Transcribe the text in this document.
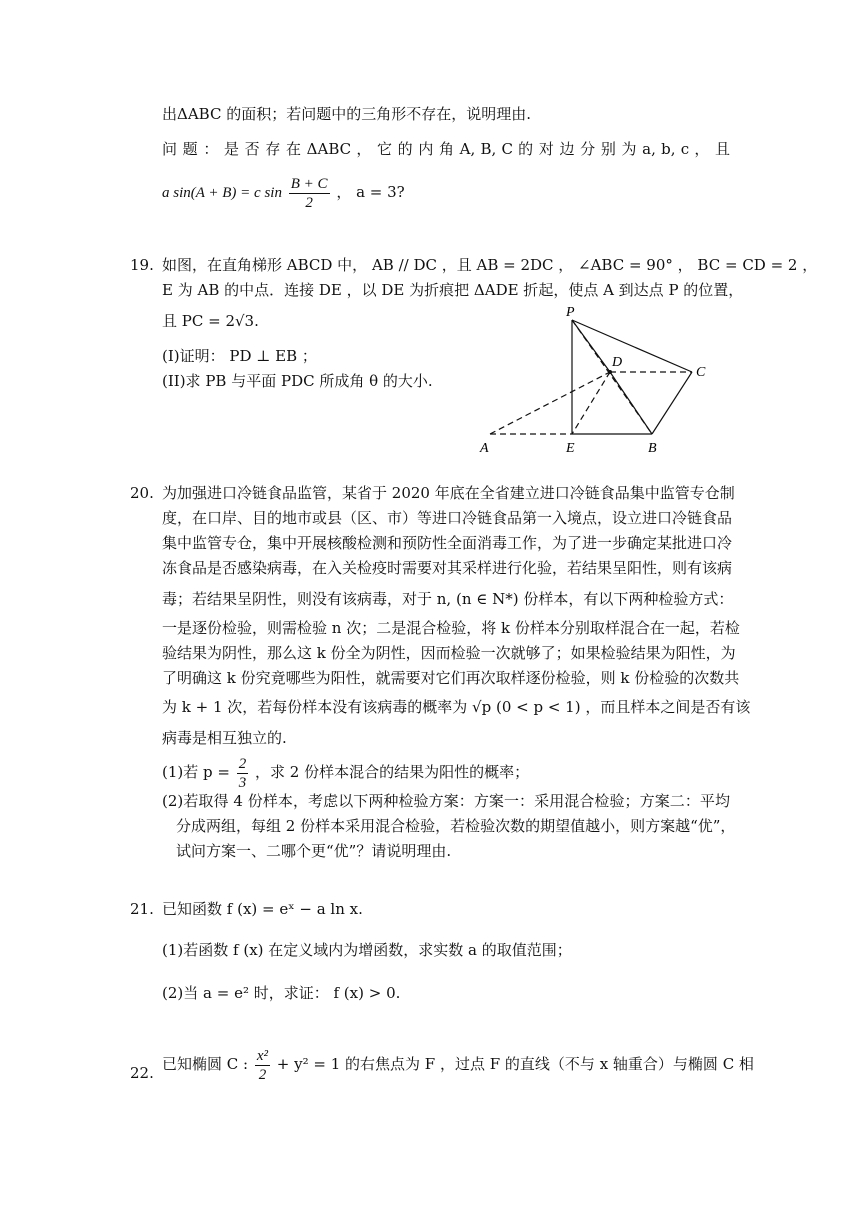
出ΔABC 的面积；若问题中的三角形不存在，说明理由.
问 题 ： 是 否 存 在 ΔABC ， 它 的 内 角 A, B, C 的 对 边 分 别 为 a, b, c ， 且
a sin(A + B) = c $\sin \frac{B + C}{2}$ ， a = 3?
19. 如图，在直角梯形 ABCD 中， AB // DC ，且 AB = 2DC ， ∠ABC = 90° ， BC = CD = 2 ，
E 为 AB 的中点．连接 DE ，以 DE 为折痕把 ΔADE 折起，使点 A 到达点 P 的位置，
且 PC = 2√3.
(I)证明： PD ⊥ EB ；
(II)求 PB 与平面 PDC 所成角 θ 的大小.
P
D
C
A	E	B
20. 为加强进口冷链食品监管，某省于 2020 年底在全省建立进口冷链食品集中监管专仓制
度，在口岸、目的地市或县（区、市）等进口冷链食品第一入境点，设立进口冷链食品
集中监管专仓，集中开展核酸检测和预防性全面消毒工作，为了进一步确定某批进口冷
冻食品是否感染病毒，在入关检疫时需要对其采样进行化验，若结果呈阳性，则有该病
毒；若结果呈阴性，则没有该病毒，对于 n, (n ∈ N*) 份样本，有以下两种检验方式：
一是逐份检验，则需检验 n 次；二是混合检验，将 k 份样本分别取样混合在一起，若检
验结果为阴性，那么这 k 份全为阴性，因而检验一次就够了；如果检验结果为阳性，为
了明确这 k 份究竟哪些为阳性，就需要对它们再次取样逐份检验，则 k 份检验的次数共
为 k + 1 次，若每份样本没有该病毒的概率为 √p (0 < p < 1) ，而且样本之间是否有该
病毒是相互独立的.
(1)若 $p = \frac{2}{3}$ ，求 2 份样本混合的结果为阳性的概率；
(2)若取得 4 份样本，考虑以下两种检验方案：方案一：采用混合检验；方案二：平均
分成两组，每组 2 份样本采用混合检验，若检验次数的期望值越小，则方案越“优”，
试问方案一、二哪个更“优”？请说明理由.
21. 已知函数 f (x) = eˣ − a ln x.
(1)若函数 f (x) 在定义域内为增函数，求实数 a 的取值范围；
(2)当 a = e² 时，求证： f (x) > 0.
22. 已知椭圆 C : $\frac{\text{x²}}{2} + y^2 = 1$ 的右焦点为 F ，过点 F 的直线（不与 x 轴重合）与椭圆 C 相
